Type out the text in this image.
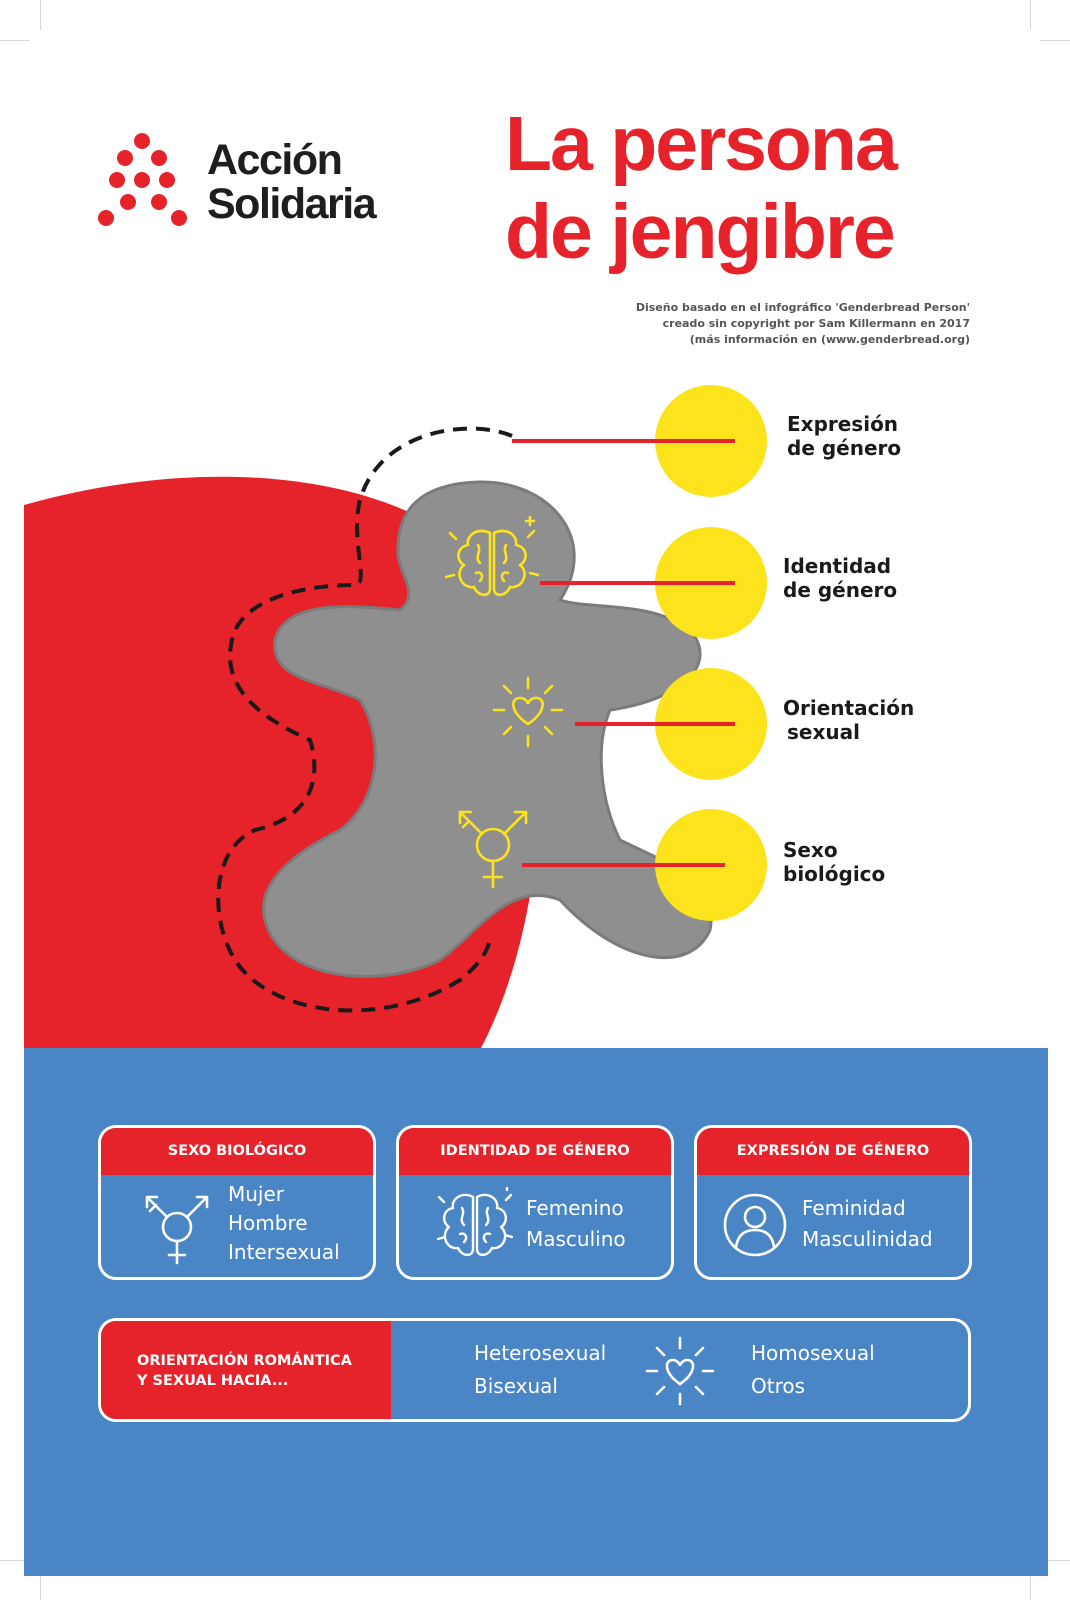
Acción
Solidaria
La persona
de jengibre
Diseño basado en el infográfico 'Genderbread Person'
creado sin copyright por Sam Killermann en 2017
(más información en (www.genderbread.org)
Expresión
de género
Identidad
de género
Orientación
sexual
Sexo
biológico
SEXO BIOLÓGICO
Mujer
Hombre
Intersexual
IDENTIDAD DE GÉNERO
Femenino
Masculino
EXPRESIÓN DE GÉNERO
Feminidad
Masculinidad
ORIENTACIÓN ROMÁNTICA
Y SEXUAL HACIA...
Heterosexual
Bisexual
Homosexual
Otros
